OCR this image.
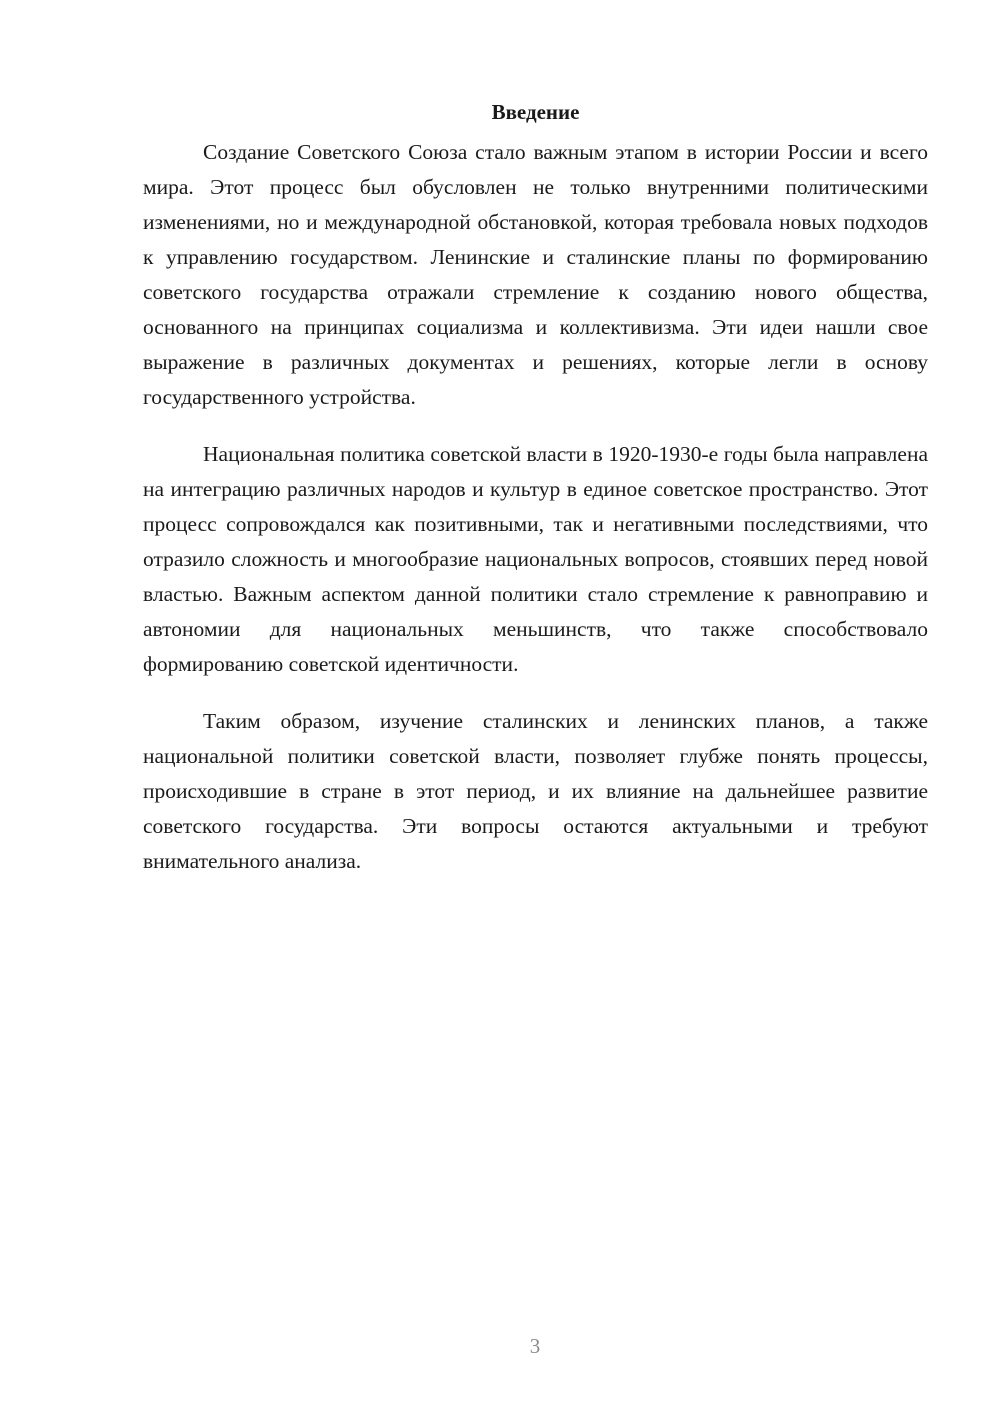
Введение

Создание Советского Союза стало важным этапом в истории России и всего мира. Этот процесс был обусловлен не только внутренними политическими изменениями, но и международной обстановкой, которая требовала новых подходов к управлению государством. Ленинские и сталинские планы по формированию советского государства отражали стремление к созданию нового общества, основанного на принципах социализма и коллективизма. Эти идеи нашли свое выражение в различных документах и решениях, которые легли в основу государственного устройства.

Национальная политика советской власти в 1920-1930-е годы была направлена на интеграцию различных народов и культур в единое советское пространство. Этот процесс сопровождался как позитивными, так и негативными последствиями, что отразило сложность и многообразие национальных вопросов, стоявших перед новой властью. Важным аспектом данной политики стало стремление к равноправию и автономии для национальных меньшинств, что также способствовало формированию советской идентичности.

Таким образом, изучение сталинских и ленинских планов, а также национальной политики советской власти, позволяет глубже понять процессы, происходившие в стране в этот период, и их влияние на дальнейшее развитие советского государства. Эти вопросы остаются актуальными и требуют внимательного анализа.

3
